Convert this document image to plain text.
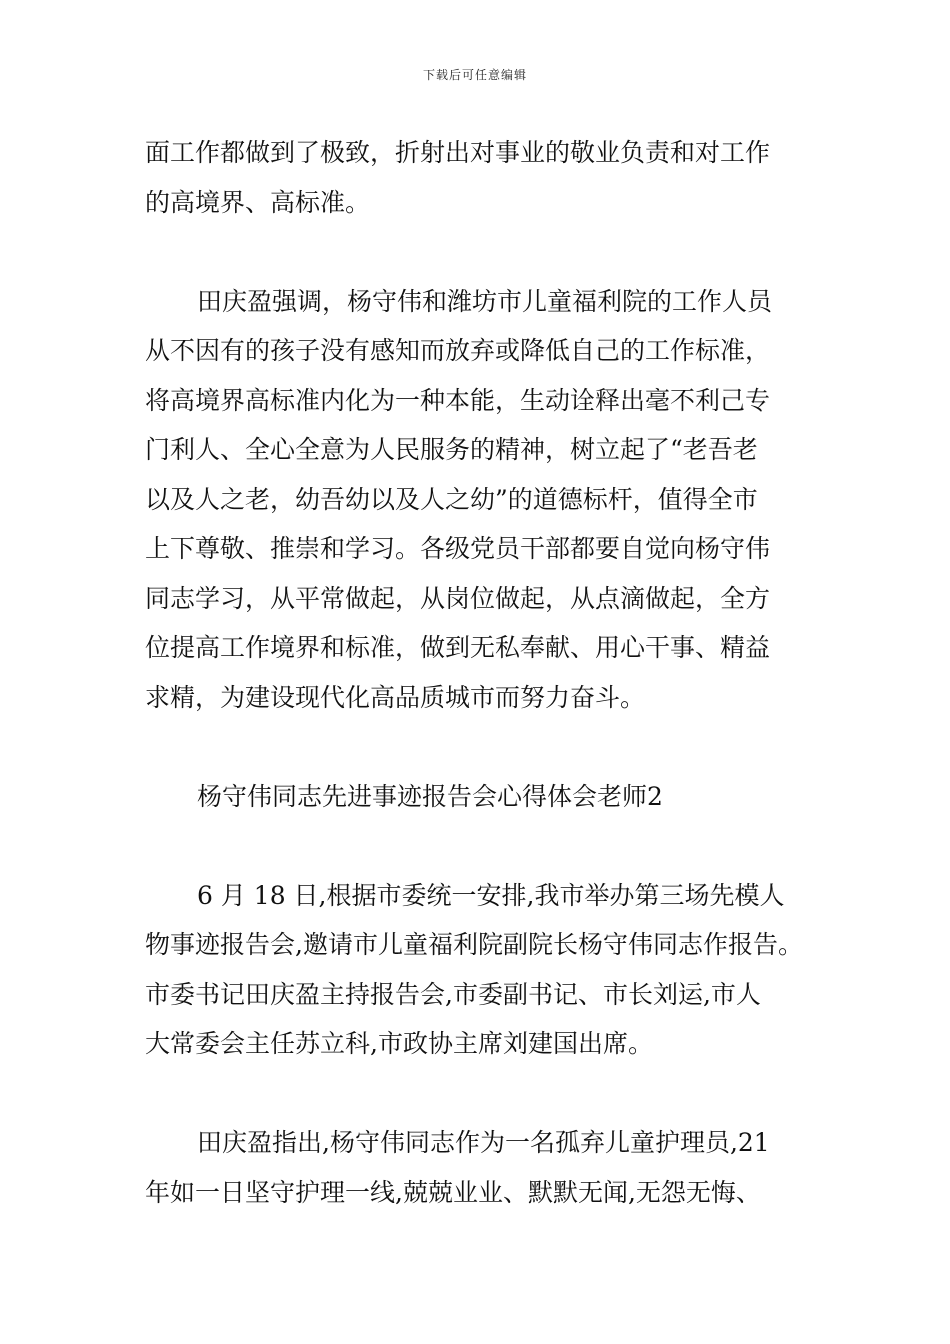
下载后可任意编辑
面工作都做到了极致，折射出对事业的敬业负责和对工作
的高境界、高标准。
田庆盈强调，杨守伟和潍坊市儿童福利院的工作人员
从不因有的孩子没有感知而放弃或降低自己的工作标准，
将高境界高标准内化为一种本能，生动诠释出毫不利己专
门利人、全心全意为人民服务的精神，树立起了“老吾老
以及人之老，幼吾幼以及人之幼”的道德标杆，值得全市
上下尊敬、推崇和学习。各级党员干部都要自觉向杨守伟
同志学习，从平常做起，从岗位做起，从点滴做起，全方
位提高工作境界和标准，做到无私奉献、用心干事、精益
求精，为建设现代化高品质城市而努力奋斗。
杨守伟同志先进事迹报告会心得体会老师2
6 月 18 日,根据市委统一安排,我市举办第三场先模人
物事迹报告会,邀请市儿童福利院副院长杨守伟同志作报告。
市委书记田庆盈主持报告会,市委副书记、市长刘运,市人
大常委会主任苏立科,市政协主席刘建国出席。
田庆盈指出,杨守伟同志作为一名孤弃儿童护理员,21
年如一日坚守护理一线,兢兢业业、默默无闻,无怨无悔、
